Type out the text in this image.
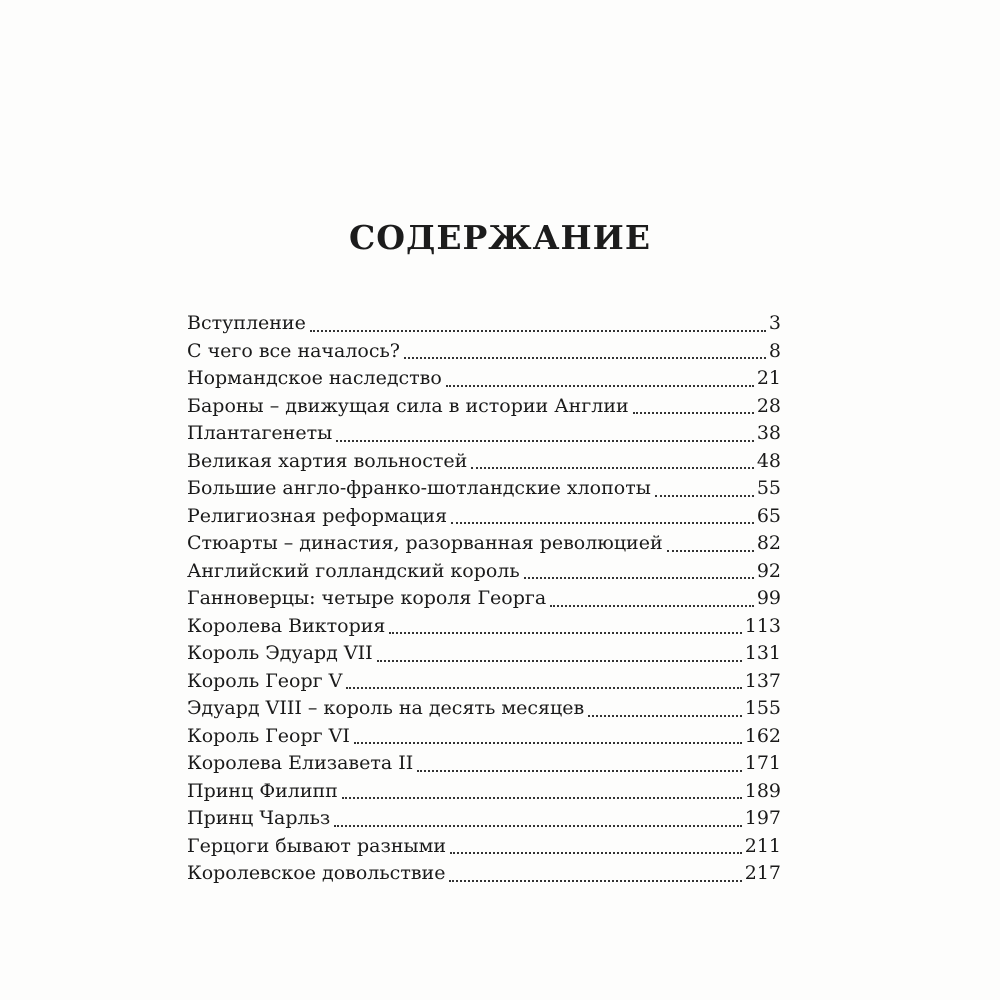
СОДЕРЖАНИЕ
Вступление	3
С чего все началось?	8
Нормандское наследство	21
Бароны – движущая сила в истории Англии	28
Плантагенеты	38
Великая хартия вольностей	48
Большие англо-франко-шотландские хлопоты	55
Религиозная реформация	65
Стюарты – династия, разорванная революцией	82
Английский голландский король	92
Ганноверцы: четыре короля Георга	99
Королева Виктория	113
Король Эдуард VII	131
Король Георг V	137
Эдуард VIII – король на десять месяцев	155
Король Георг VI	162
Королева Елизавета II	171
Принц Филипп	189
Принц Чарльз	197
Герцоги бывают разными	211
Королевское довольствие	217
